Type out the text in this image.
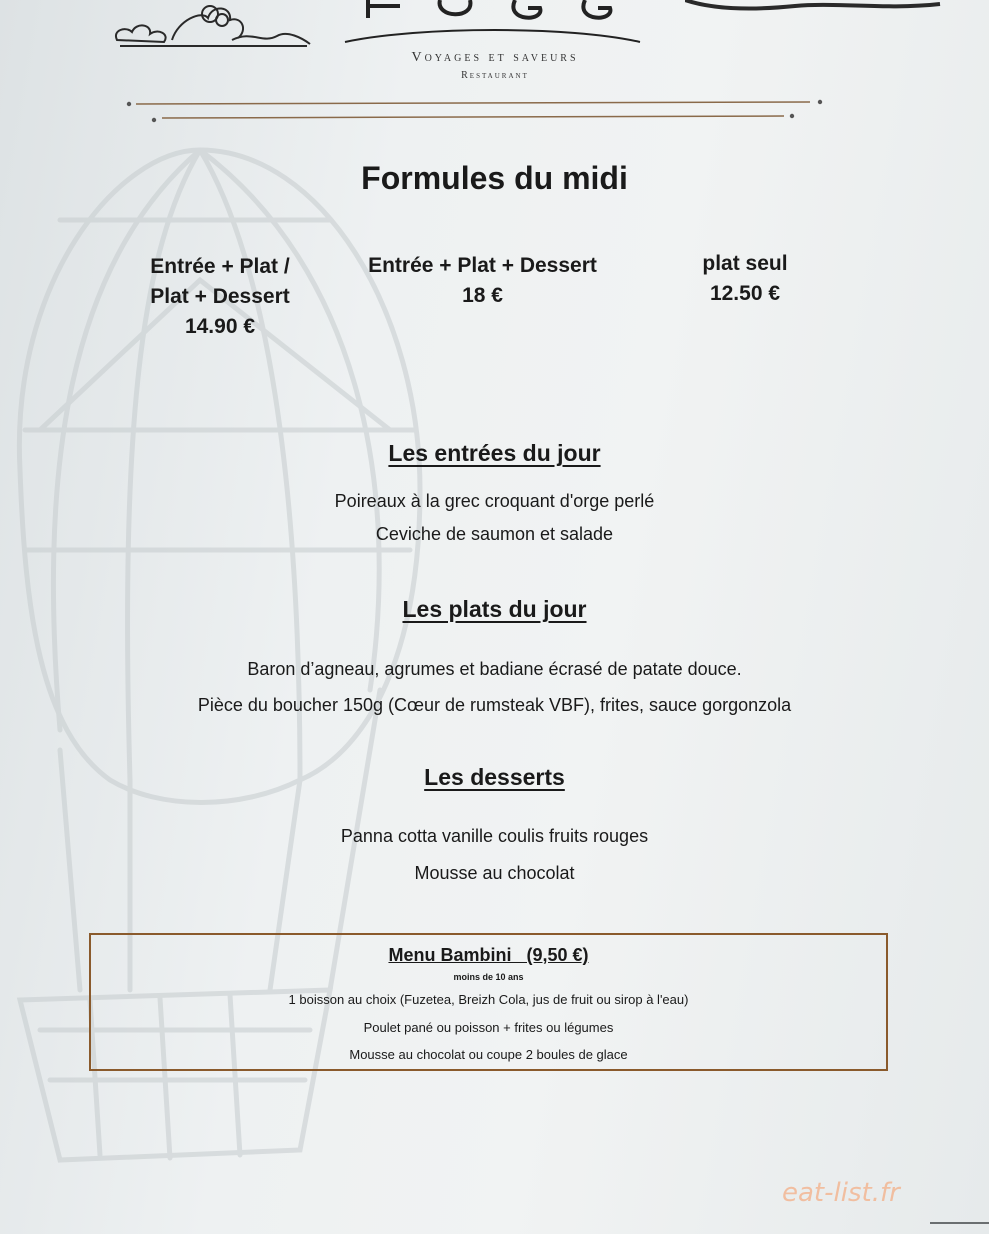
Voyages et saveurs
Restaurant
Formules du midi
Entrée + Plat /
Plat + Dessert
14.90 €
Entrée + Plat + Dessert
18 €
plat seul
12.50 €
Les entrées du jour
Poireaux à la grec croquant d'orge perlé
Ceviche de saumon et salade
Les plats du jour
Baron d’agneau, agrumes et badiane écrasé de patate douce.
Pièce du boucher 150g (Cœur de rumsteak VBF), frites, sauce gorgonzola
Les desserts
Panna cotta vanille coulis fruits rouges
Mousse au chocolat
Menu Bambini   (9,50 €)
moins de 10 ans
1 boisson au choix (Fuzetea, Breizh Cola, jus de fruit ou sirop à l'eau)
Poulet pané ou poisson + frites ou légumes
Mousse au chocolat ou coupe 2 boules de glace
eat-list.fr
